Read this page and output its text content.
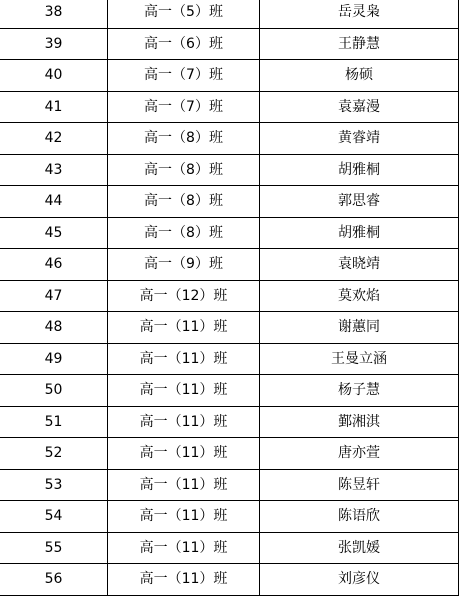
38	高一（5）班	岳灵枭
39	高一（6）班	王静慧
40	高一（7）班	杨硕
41	高一（7）班	袁嘉漫
42	高一（8）班	黄睿靖
43	高一（8）班	胡雅桐
44	高一（8）班	郭思睿
45	高一（8）班	胡雅桐
46	高一（9）班	袁晓靖
47	高一（12）班	莫欢焰
48	高一（11）班	谢蕙同
49	高一（11）班	王曼立涵
50	高一（11）班	杨子慧
51	高一（11）班	鄞湘淇
52	高一（11）班	唐亦萱
53	高一（11）班	陈昱轩
54	高一（11）班	陈语欣
55	高一（11）班	张凯媛
56	高一（11）班	刘彦仪
